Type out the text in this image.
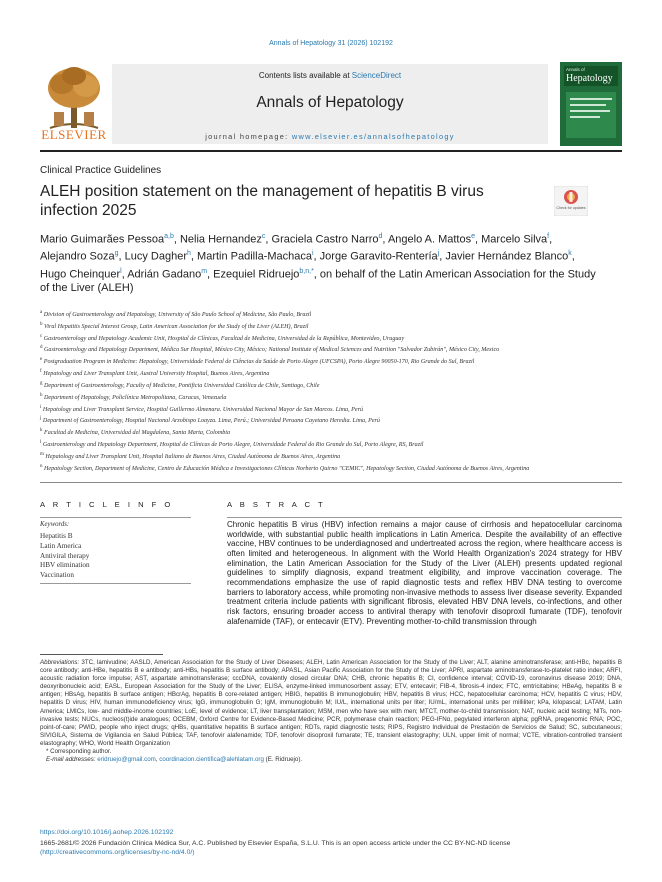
Annals of Hepatology 31 (2026) 102192
ELSEVIER
Contents lists available at ScienceDirect
Annals of Hepatology
journal homepage: www.elsevier.es/annalsofhepatology
Annals of
Hepatology
Clinical Practice Guidelines
ALEH position statement on the management of hepatitis B virus infection 2025	Check for updates
Mario Guimarães Pessoa$^{a,b}$, Nelia Hernandez$^c$, Graciela Castro Narro$^d$, Angelo A. Mattos$^e$, Marcelo Silva$^f$, Alejandro Soza$^g$, Lucy Dagher$^h$, Martin Padilla-Machaca$^i$, Jorge Garavito-Rentería$^j$, Javier Hernández Blanco$^k$, Hugo Cheinquer$^l$, Adrián Gadano$^m$, Ezequiel Ridruejo$^{b,n,*}$, on behalf of the Latin American Association for the Study of the Liver (ALEH)
$^a$ Division of Gastroenterology and Hepatology, University of São Paulo School of Medicine, São Paulo, Brazil
$^b$ Viral Hepatitis Special Interest Group, Latin American Association for the Study of the Liver (ALEH), Brazil
$^c$ Gastroenterology and Hepatology Academic Unit, Hospital de Clínicas, Facultad de Medicina, Universidad de la República, Montevideo, Uruguay
$^d$ Gastroenterology and Hepatology Department, Médica Sur Hospital, México City, México; National Institute of Medical Sciences and Nutrition "Salvador Zubirán", México City, Mexico
$^e$ Postgraduation Program in Medicine: Hepatology, Universidade Federal de Ciências da Saúde de Porto Alegre (UFCSPA), Porto Alegre 90050-170, Rio Grande do Sul, Brazil
$^f$ Hepatology and Liver Transplant Unit, Austral University Hospital, Buenos Aires, Argentina
$^g$ Department of Gastroenterology, Faculty of Medicine, Pontificia Universidad Católica de Chile, Santiago, Chile
$^h$ Department of Hepatology, Policlínica Metropolitana, Caracas, Venezuela
$^i$ Hepatology and Liver Transplant Service, Hospital Guillermo Almenara. Universidad Nacional Mayor de San Marcos. Lima, Perú
$^j$ Department of Gastroenterology, Hospital Nacional Arzobispo Loayza. Lima, Perú.; Universidad Peruana Cayetano Heredia. Lima, Perú
$^k$ Facultad de Medicina, Universidad del Magdalena, Santa Marta, Colombia
$^l$ Gastroenterology and Hepatology Department, Hospital de Clínicas de Porto Alegre, Universidade Federal do Rio Grande do Sul, Porto Alegre, RS, Brazil
$^m$ Hepatology and Liver Transplant Unit, Hospital Italiano de Buenos Aires, Ciudad Autónoma de Buenos Aires, Argentina
$^n$ Hepatology Section, Department of Medicine, Centro de Educación Médica e Investigaciones Clínicas Norberto Quirno "CEMIC", Hepatology Section, Ciudad Autónoma de Buenos Aires, Argentina
A R T I C L E I N F O
Keywords:
Hepatitis B
Latin America
Antiviral therapy
HBV elimination
Vaccination
A B S T R A C T
Chronic hepatitis B virus (HBV) infection remains a major cause of cirrhosis and hepatocellular carcinoma worldwide, with substantial public health implications in Latin America. Despite the availability of an effective vaccine, HBV continues to be underdiagnosed and undertreated across the region, where healthcare access is often limited and heterogeneous. In alignment with the World Health Organization's 2024 strategy for HBV elimination, the Latin American Association for the Study of the Liver (ALEH) presents updated regional guidelines to simplify diagnosis, expand treatment eligibility, and improve vaccination coverage. The recommendations emphasize the use of rapid diagnostic tests and reflex HBV DNA testing to overcome barriers to laboratory access, while promoting non-invasive methods to assess liver disease severity. Expanded treatment criteria include patients with significant fibrosis, elevated HBV DNA levels, co-infections, and other risk factors, ensuring broader access to antiviral therapy with tenofovir disoproxil fumarate (TDF), tenofovir alafenamide (TAF), or entecavir (ETV). Preventing mother-to-child transmission through
Abbreviations: 3TC, lamivudine; AASLD, American Association for the Study of Liver Diseases; ALEH, Latin American Association for the Study of the Liver; ALT, alanine aminotransferase; anti-HBc, hepatitis B core antibody; anti-HBe, hepatitis B e antibody; anti-HBs, hepatitis B surface antibody; APASL, Asian Pacific Association for the Study of the Liver; APRI, aspartate aminotransferase-to-platelet ratio index; ARFI, acoustic radiation force impulse; AST, aspartate aminotransferase; cccDNA, covalently closed circular DNA; CHB, chronic hepatitis B; CI, confidence interval; COVID-19, coronavirus disease 2019; DNA, deoxyribonucleic acid; EASL, European Association for the Study of the Liver; ELISA, enzyme-linked immunosorbent assay; ETV, entecavir; FIB-4, fibrosis-4 index; FTC, emtricitabine; HBeAg, hepatitis B e antigen; HBsAg, hepatitis B surface antigen; HBcrAg, hepatitis B core-related antigen; HBIG, hepatitis B immunoglobulin; HBV, hepatitis B virus; HCC, hepatocellular carcinoma; HCV, hepatitis C virus; HDV, hepatitis D virus; HIV, human immunodeficiency virus; IgG, immunoglobulin G; IgM, immunoglobulin M; IU/L, international units per liter; IU/mL, international units per milliliter; kPa, kilopascal; LATAM, Latin America; LMICs, low- and middle-income countries; LoE, level of evidence; LT, liver transplantation; MSM, men who have sex with men; MTCT, mother-to-child transmission; NAT, nucleic acid testing; NITs, non-invasive tests; NUCs, nucleos(t)ide analogues; OCEBM, Oxford Centre for Evidence-Based Medicine; PCR, polymerase chain reaction; PEG-IFNα, pegylated interferon alpha; pgRNA, pregenomic RNA; POC, point-of-care; PWID, people who inject drugs; qHBs, quantitative hepatitis B surface antigen; RDTs, rapid diagnostic tests; RIPS, Registro Individual de Prestación de Servicios de Salud; SC, subcutaneous; SIVIGILA, Sistema de Vigilancia en Salud Pública; TAF, tenofovir alafenamide; TDF, tenofovir disoproxil fumarate; TE, transient elastography; ULN, upper limit of normal; VCTE, vibration-controlled transient elastography; WHO, World Health Organization
* Corresponding author.
E-mail addresses: eridruejo@gmail.com, coordinacion.cientifica@alehlatam.org (E. Ridruejo).
https://doi.org/10.1016/j.aohep.2026.102192
1665-2681/© 2026 Fundación Clínica Médica Sur, A.C. Published by Elsevier España, S.L.U. This is an open access article under the CC BY-NC-ND license
(http://creativecommons.org/licenses/by-nc-nd/4.0/)
